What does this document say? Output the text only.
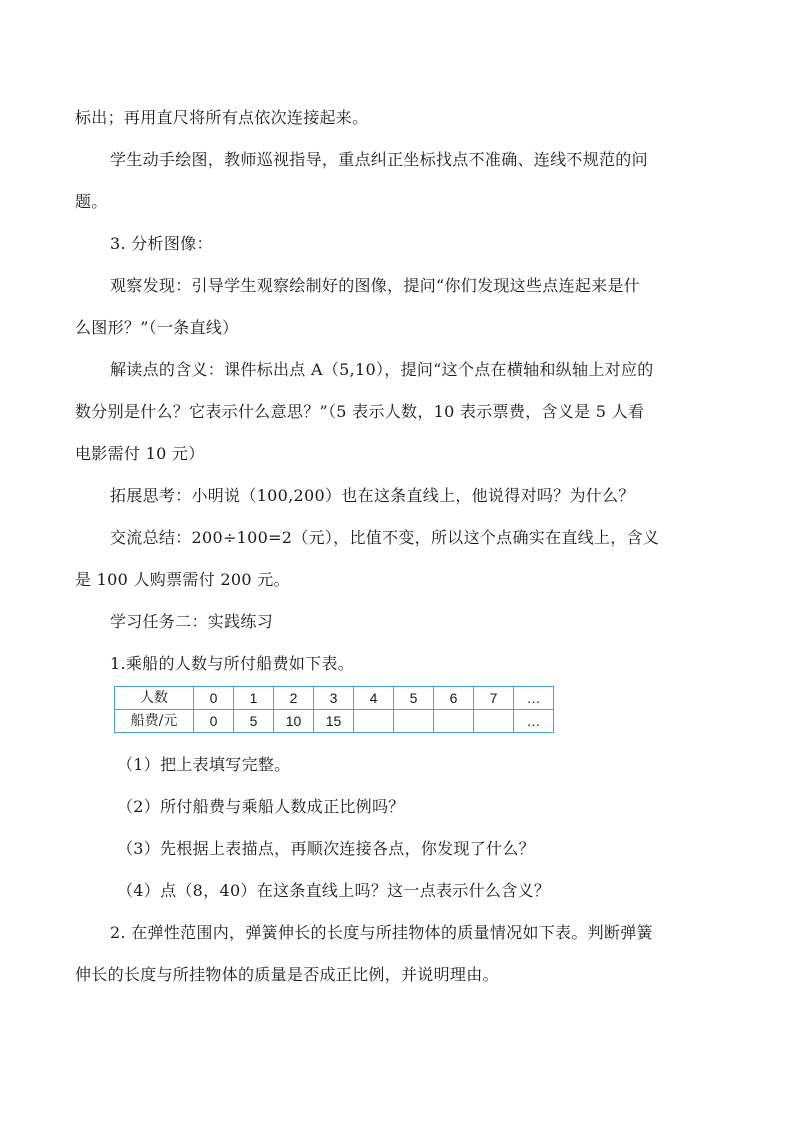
标出；再用直尺将所有点依次连接起来。
学生动手绘图，教师巡视指导，重点纠正坐标找点不准确、连线不规范的问
题。
3. 分析图像：
观察发现：引导学生观察绘制好的图像，提问“你们发现这些点连起来是什
么图形？”（一条直线）
解读点的含义：课件标出点 A（5,10），提问“这个点在横轴和纵轴上对应的
数分别是什么？它表示什么意思？”（5 表示人数，10 表示票费，含义是 5 人看
电影需付 10 元）
拓展思考：小明说（100,200）也在这条直线上，他说得对吗？为什么？
交流总结：200÷100=2（元），比值不变，所以这个点确实在直线上，含义
是 100 人购票需付 200 元。
学习任务二：实践练习
1.乘船的人数与所付船费如下表。
人数	0	1	2	3	4	5	6	7	…
船费/元	0	5	10	15					…
（1）把上表填写完整。
（2）所付船费与乘船人数成正比例吗？
（3）先根据上表描点，再顺次连接各点，你发现了什么？
（4）点（8，40）在这条直线上吗？这一点表示什么含义？
2. 在弹性范围内，弹簧伸长的长度与所挂物体的质量情况如下表。判断弹簧
伸长的长度与所挂物体的质量是否成正比例，并说明理由。
